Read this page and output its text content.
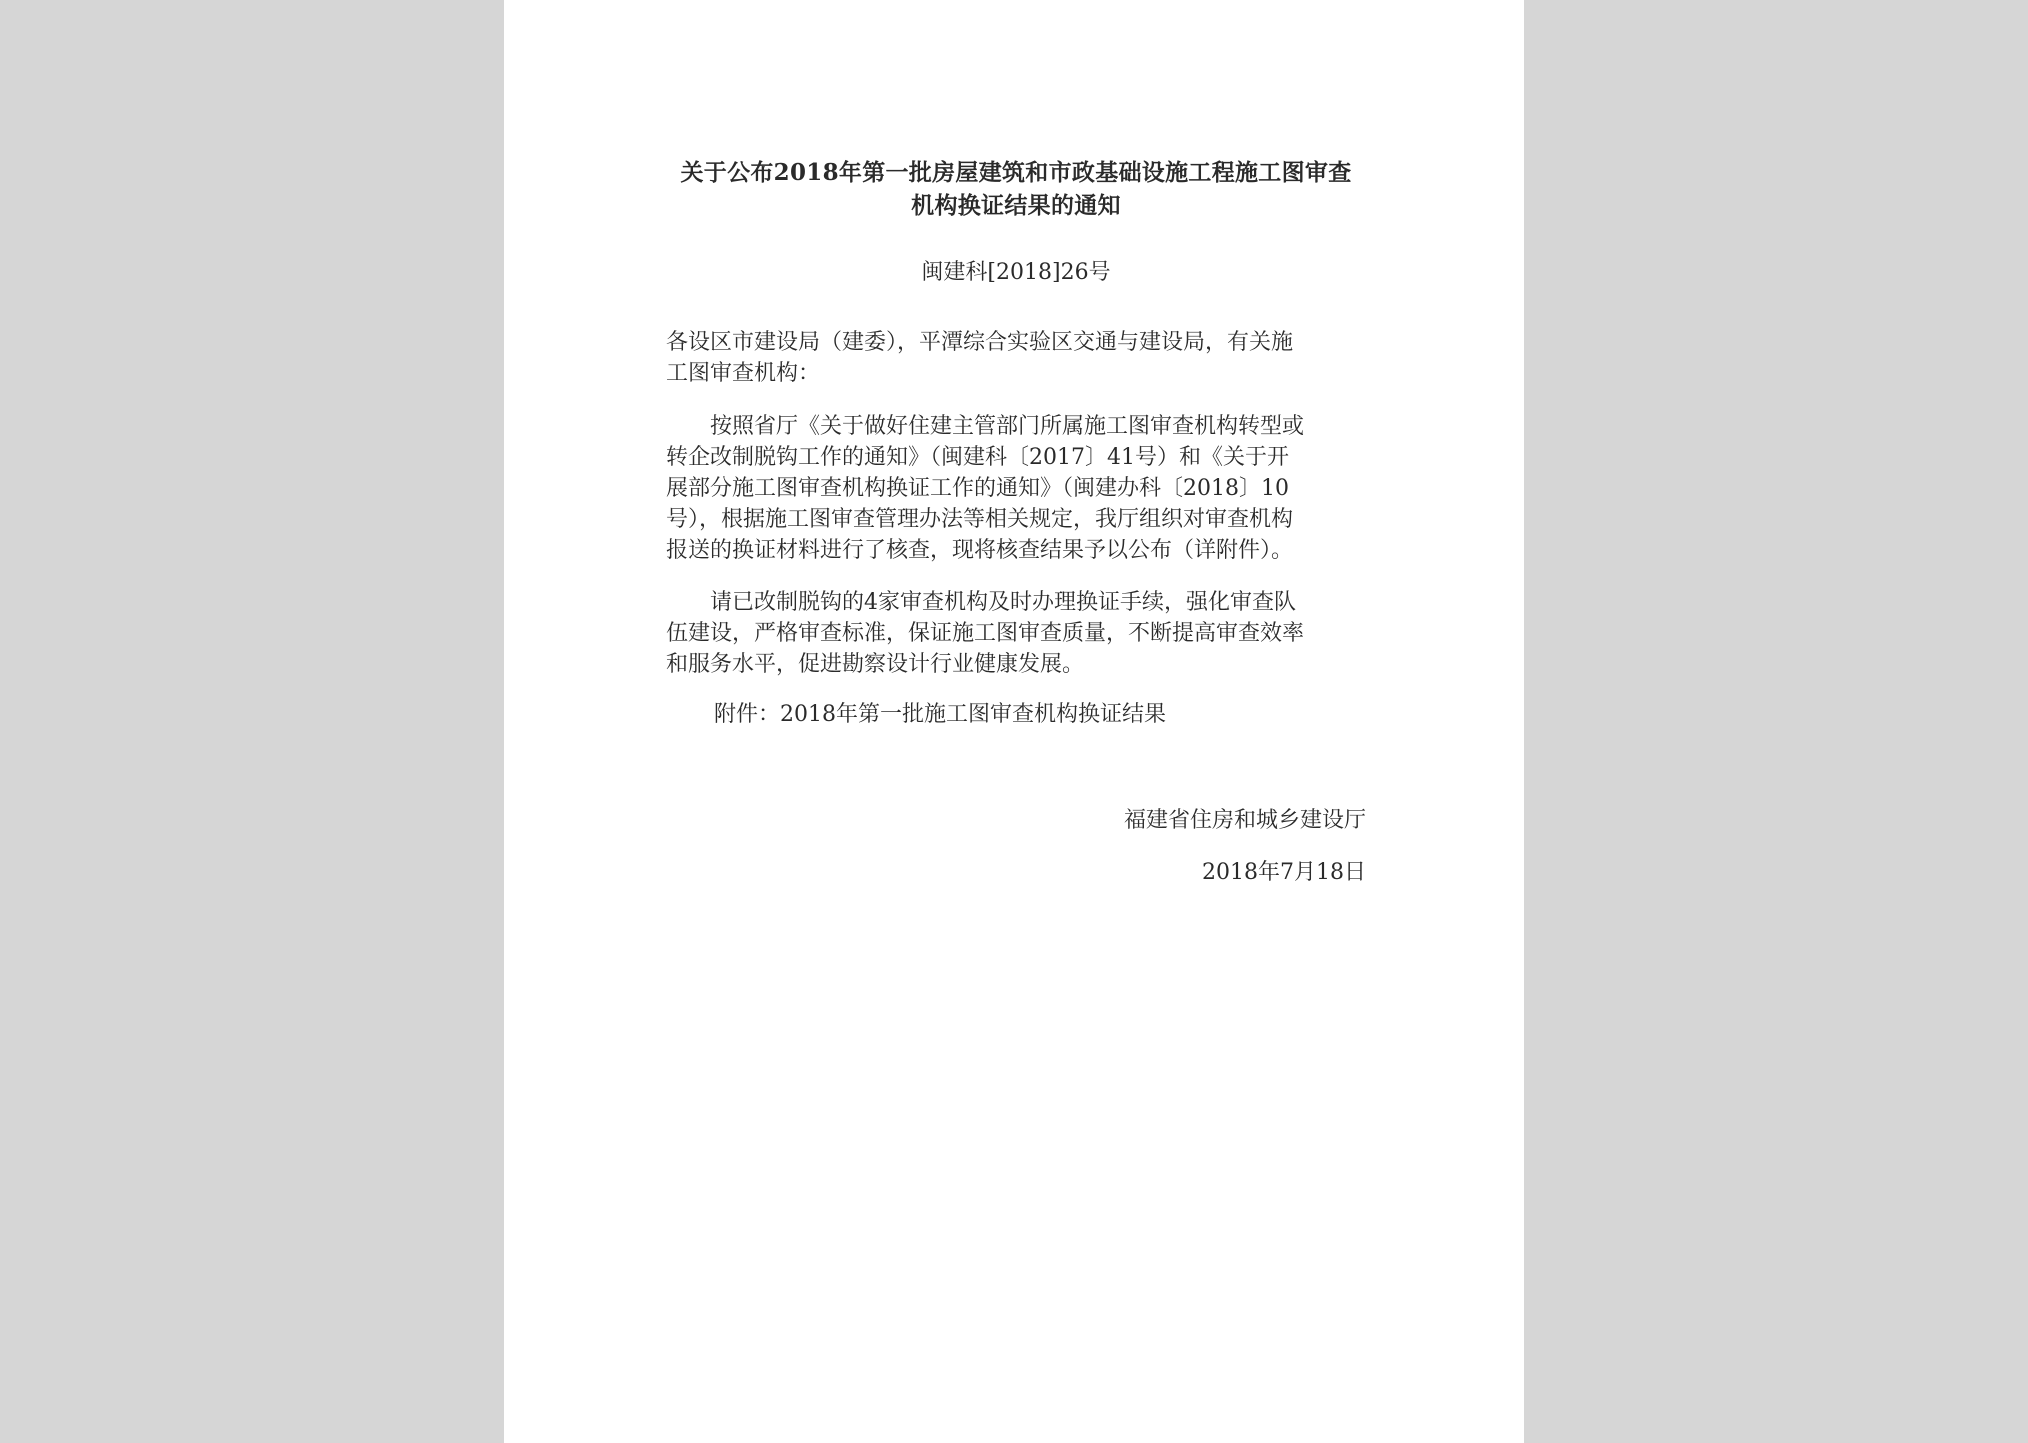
关于公布2018年第一批房屋建筑和市政基础设施工程施工图审查
机构换证结果的通知
闽建科[2018]26号
各设区市建设局（建委），平潭综合实验区交通与建设局，有关施
工图审查机构：
按照省厅《关于做好住建主管部门所属施工图审查机构转型或
转企改制脱钩工作的通知》（闽建科〔2017〕41号）和《关于开
展部分施工图审查机构换证工作的通知》（闽建办科〔2018〕10
号），根据施工图审查管理办法等相关规定，我厅组织对审查机构
报送的换证材料进行了核查，现将核查结果予以公布（详附件）。
请已改制脱钩的4家审查机构及时办理换证手续，强化审查队
伍建设，严格审查标准，保证施工图审查质量，不断提高审查效率
和服务水平，促进勘察设计行业健康发展。
附件：2018年第一批施工图审查机构换证结果
福建省住房和城乡建设厅
2018年7月18日
